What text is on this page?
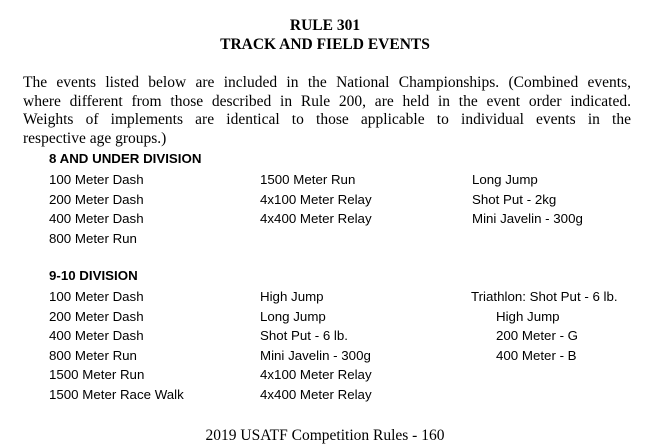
RULE 301
TRACK AND FIELD EVENTS
The events listed below are included in the National Championships. (Combined events,
where different from those described in Rule 200, are held in the event order indicated.
Weights of implements are identical to those applicable to individual events in the
respective age groups.)
8 AND UNDER DIVISION
100 Meter Dash
200 Meter Dash
400 Meter Dash
800 Meter Run
1500 Meter Run
4x100 Meter Relay
4x400 Meter Relay
Long Jump
Shot Put - 2kg
Mini Javelin - 300g
9-10 DIVISION
100 Meter Dash
200 Meter Dash
400 Meter Dash
800 Meter Run
1500 Meter Run
1500 Meter Race Walk
High Jump
Long Jump
Shot Put - 6 lb.
Mini Javelin - 300g
4x100 Meter Relay
4x400 Meter Relay
Triathlon: Shot Put - 6 lb.
High Jump
200 Meter - G
400 Meter - B
2019 USATF Competition Rules - 160
